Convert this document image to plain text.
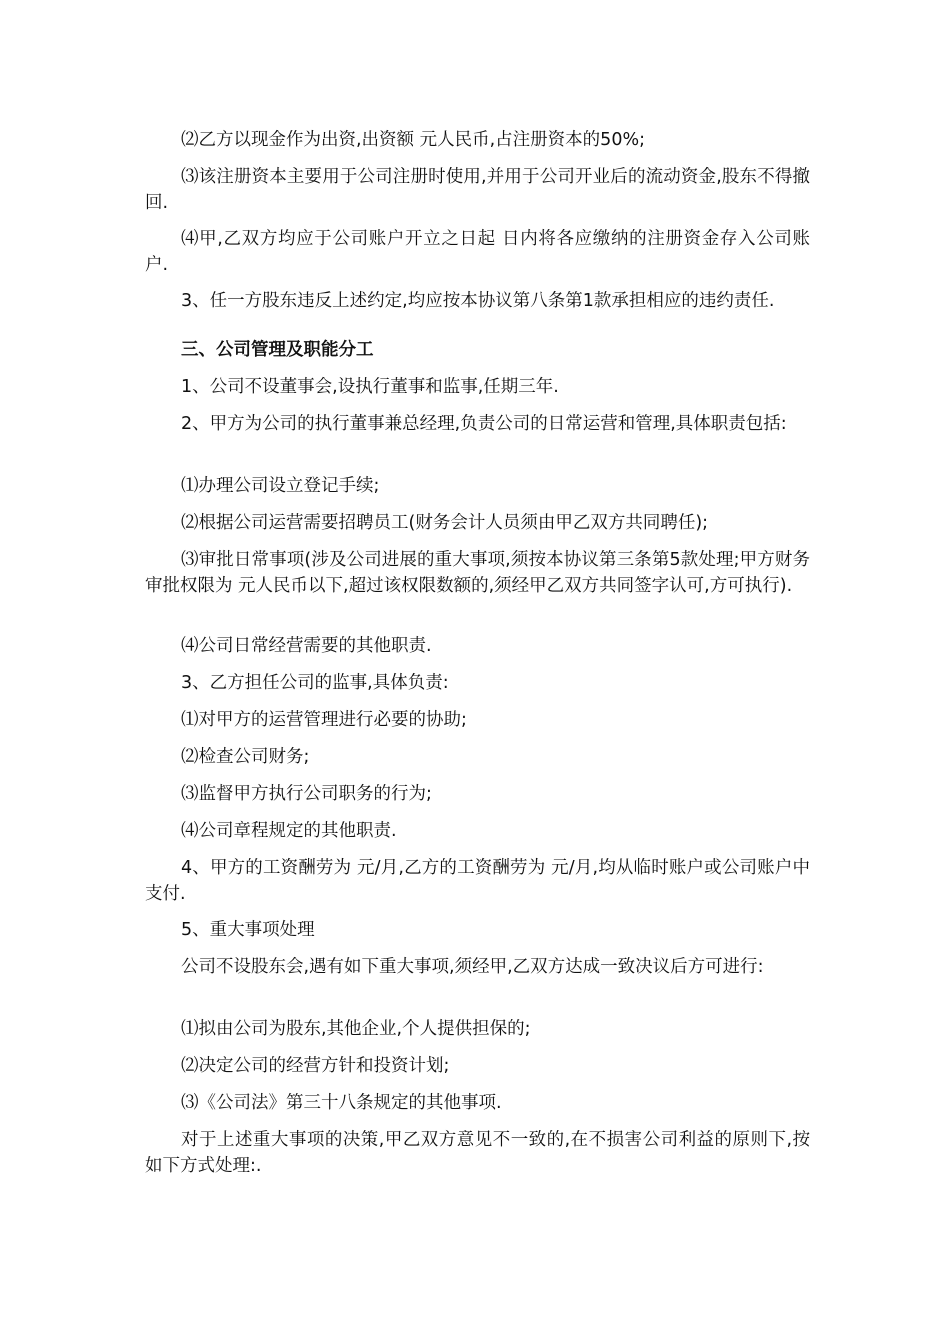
⑵乙方以现金作为出资,出资额 元人民币,占注册资本的50%;

⑶该注册资本主要用于公司注册时使用,并用于公司开业后的流动资金,股东不得撤回.

⑷甲,乙双方均应于公司账户开立之日起 日内将各应缴纳的注册资金存入公司账户.

3、任一方股东违反上述约定,均应按本协议第八条第1款承担相应的违约责任.

三、公司管理及职能分工

1、公司不设董事会,设执行董事和监事,任期三年.

2、甲方为公司的执行董事兼总经理,负责公司的日常运营和管理,具体职责包括:

⑴办理公司设立登记手续;

⑵根据公司运营需要招聘员工(财务会计人员须由甲乙双方共同聘任);

⑶审批日常事项(涉及公司进展的重大事项,须按本协议第三条第5款处理;甲方财务审批权限为 元人民币以下,超过该权限数额的,须经甲乙双方共同签字认可,方可执行).

⑷公司日常经营需要的其他职责.

3、乙方担任公司的监事,具体负责:

⑴对甲方的运营管理进行必要的协助;

⑵检查公司财务;

⑶监督甲方执行公司职务的行为;

⑷公司章程规定的其他职责.

4、甲方的工资酬劳为 元/月,乙方的工资酬劳为 元/月,均从临时账户或公司账户中支付.

5、重大事项处理

公司不设股东会,遇有如下重大事项,须经甲,乙双方达成一致决议后方可进行:

⑴拟由公司为股东,其他企业,个人提供担保的;

⑵决定公司的经营方针和投资计划;

⑶《公司法》第三十八条规定的其他事项.

对于上述重大事项的决策,甲乙双方意见不一致的,在不损害公司利益的原则下,按如下方式处理:.
